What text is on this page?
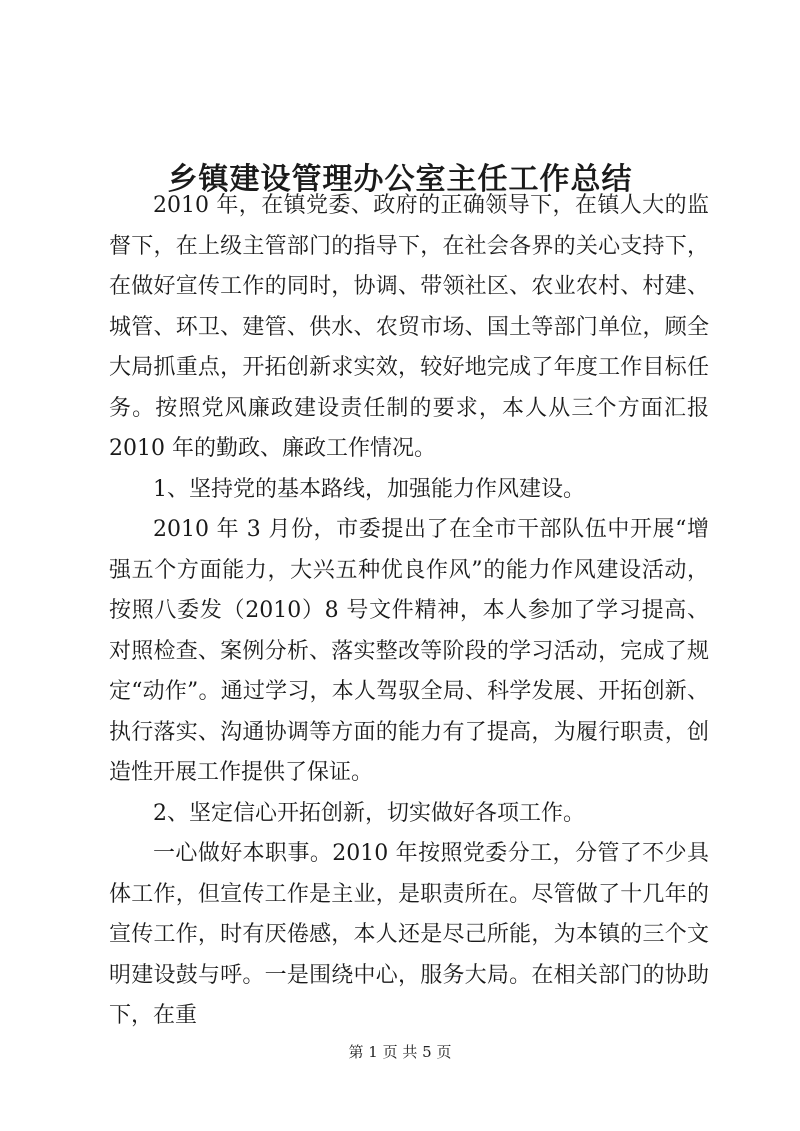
乡镇建设管理办公室主任工作总结

2010 年，在镇党委、政府的正确领导下，在镇人大的监督下，在上级主管部门的指导下，在社会各界的关心支持下，在做好宣传工作的同时，协调、带领社区、农业农村、村建、城管、环卫、建管、供水、农贸市场、国土等部门单位，顾全大局抓重点，开拓创新求实效，较好地完成了年度工作目标任务。按照党风廉政建设责任制的要求，本人从三个方面汇报 2010 年的勤政、廉政工作情况。

1、坚持党的基本路线，加强能力作风建设。

2010 年 3 月份，市委提出了在全市干部队伍中开展“增强五个方面能力，大兴五种优良作风”的能力作风建设活动，按照八委发（2010）8 号文件精神，本人参加了学习提高、对照检查、案例分析、落实整改等阶段的学习活动，完成了规定“动作”。通过学习，本人驾驭全局、科学发展、开拓创新、执行落实、沟通协调等方面的能力有了提高，为履行职责，创造性开展工作提供了保证。

2、坚定信心开拓创新，切实做好各项工作。

一心做好本职事。2010 年按照党委分工，分管了不少具体工作，但宣传工作是主业，是职责所在。尽管做了十几年的宣传工作，时有厌倦感，本人还是尽己所能，为本镇的三个文明建设鼓与呼。一是围绕中心，服务大局。在相关部门的协助下，在重

第 1 页 共 5 页
